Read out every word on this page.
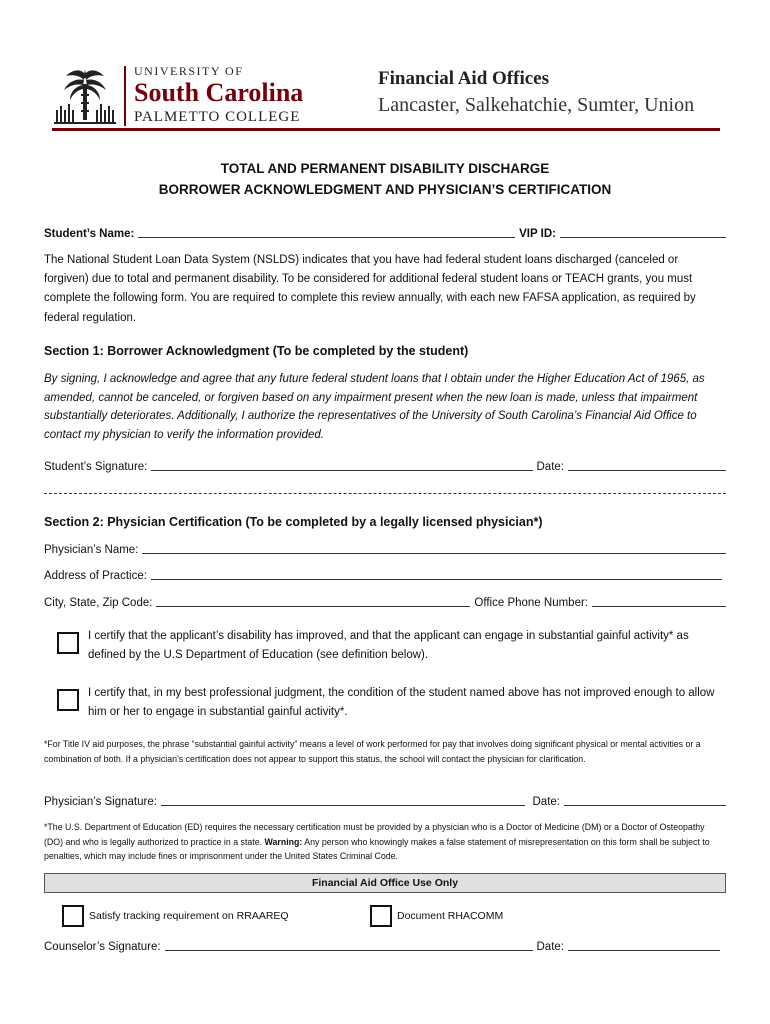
UNIVERSITY OF
South Carolina
PALMETTO COLLEGE
Financial Aid Offices
Lancaster, Salkehatchie, Sumter, Union
TOTAL AND PERMANENT DISABILITY DISCHARGE
BORROWER ACKNOWLEDGMENT AND PHYSICIAN’S CERTIFICATION
Student’s Name:	VIP ID:
The National Student Loan Data System (NSLDS) indicates that you have had federal student loans discharged (canceled or forgiven) due to total and permanent disability. To be considered for additional federal student loans or TEACH grants, you must complete the following form. You are required to complete this review annually, with each new FAFSA application, as required by federal regulation.
Section 1: Borrower Acknowledgment (To be completed by the student)
By signing, I acknowledge and agree that any future federal student loans that I obtain under the Higher Education Act of 1965, as amended, cannot be canceled, or forgiven based on any impairment present when the new loan is made, unless that impairment substantially deteriorates. Additionally, I authorize the representatives of the University of South Carolina’s Financial Aid Office to contact my physician to verify the information provided.
Student’s Signature:	Date:
Section 2: Physician Certification (To be completed by a legally licensed physician*)
Physician’s Name:
Address of Practice:
City, State, Zip Code:	Office Phone Number:
I certify that the applicant’s disability has improved, and that the applicant can engage in substantial gainful activity* as defined by the U.S Department of Education (see definition below).
I certify that, in my best professional judgment, the condition of the student named above has not improved enough to allow him or her to engage in substantial gainful activity*.
*For Title IV aid purposes, the phrase “substantial gainful activity” means a level of work performed for pay that involves doing significant physical or mental activities or a combination of both. If a physician’s certification does not appear to support this status, the school will contact the physician for clarification.
Physician’s Signature:	Date:
*The U.S. Department of Education (ED) requires the necessary certification must be provided by a physician who is a Doctor of Medicine (DM) or a Doctor of Osteopathy (DO) and who is legally authorized to practice in a state. Warning: Any person who knowingly makes a false statement of misrepresentation on this form shall be subject to penalties, which may include fines or imprisonment under the United States Criminal Code.
Financial Aid Office Use Only
Satisfy tracking requirement on RRAAREQ	Document RHACOMM
Counselor’s Signature:	Date:
